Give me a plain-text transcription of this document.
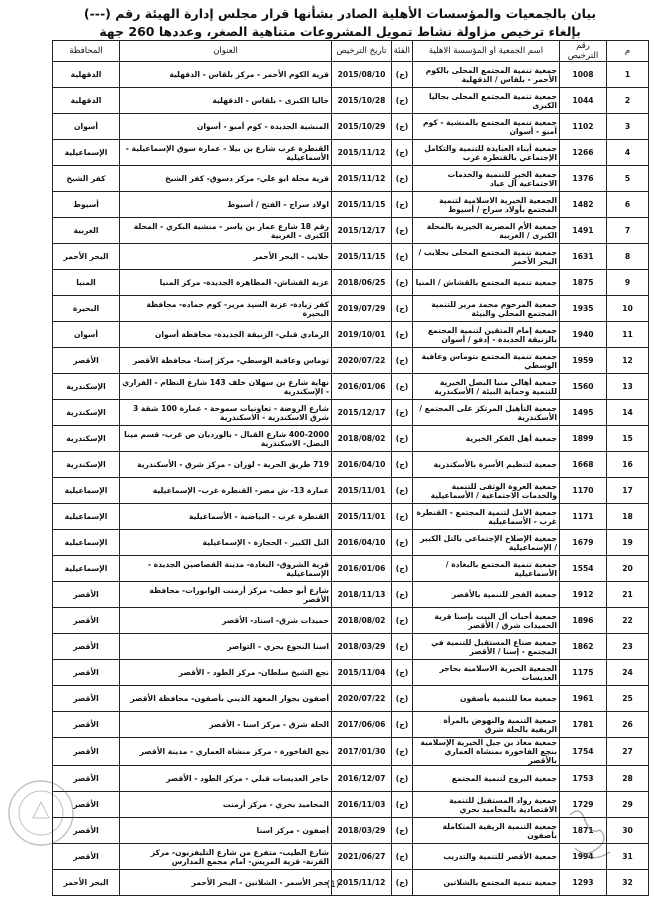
بيان بالجمعيات والمؤسسات الأهلية الصادر بشأنها قرار مجلس إدارة الهيئة رقم (---)
بإلغاء ترخيص مزاولة نشاط تمويل المشروعات متناهية الصغر، وعددها 260 جهة
م	رقم الترخيص	اسم الجمعية او المؤسسة الاهلية	الفئة	تاريخ الترخيص	العنوان	المحافظة
1	1008	جمعية تنمية المجتمع المحلى بالكوم الأحمر - بلقاس / الدقهلية	(ج)	2015/08/10	قرية الكوم الأحمر - مركز بلقاس - الدقهلية	الدقهلية
2	1044	جمعية تنمية المجتمع المحلى بجاليا الكبرى	(ج)	2015/10/28	جاليا الكبرى - بلقاس - الدقهلية	الدقهلية
3	1102	جمعية تنمية المجتمع بالمنشية - كوم أمبو - أسوان	(ج)	2015/10/29	المنشية الجديدة - كوم أمبو - أسوان	أسوان
4	1266	جمعية أبناء العبايدة للتنمية والتكامل الإجتماعي بالقنطرة غرب	(ج)	2015/11/12	القنطرة غرب شارع بن بيلا - عمارة سوق الإسماعيلية - الأسماعيلية	الإسماعيلية
5	1376	جمعية الخير للتنمية والخدمات الاجتماعية آل عياد	(ج)	2015/11/12	قرية محلة ابو علي- مركز دسوق- كفر الشيخ	كفر الشيخ
6	1482	الجمعية الخيرية الاسلامية لتنمية المجتمع بأولاد سراج / أسيوط	(ج)	2015/11/15	اولاد سراج - الفتح / أسيوط	أسيوط
7	1491	جمعية الأم المصرية الخيرية بالمحلة الكبرى / الغربية	(ج)	2015/12/17	رقم 18 شارع عمار بن ياسر - منشية البكري - المحلة الكبرى - الغربية	الغربية
8	1631	جمعية تنمية المجتمع المحلى بحلايب / البحر الأحمر	(ج)	2015/11/15	حلايب - البحر الأحمر	البحر الأحمر
9	1875	جمعية تنمية المجتمع بالقشاش / المنيا	(ج)	2018/06/25	عزبة القشاش- المطاهرة الجديدة- مركز المنيا	المنيا
10	1935	جمعية المرحوم محمد مرير للتنمية المجتمع المحلي والبيئة	(ج)	2019/07/29	كفر زيادة- عزبة السيد مرير- كوم حماده- محافظة البحيرة	البحيرة
11	1940	جمعية إمام المتقين لتنمية المجتمع بالزنيقة الجديدة - إدفو / أسوان	(ج)	2019/10/01	الرمادي قبلي- الزنيقة الجديدة- محافظة أسوان	أسوان
12	1959	جمعية تنمية المجتمع بتوماس وعافية الوسطي	(ج)	2020/07/22	توماس وعافية الوسطي- مركز إسنا- محافظة الأقصر	الأقصر
13	1560	جمعية أهالي منيا البصل الخيرية للتنمية وحماية البيئة / الأسكندرية	(ج)	2016/01/06	نهاية شارع بن سهلان خلف 143 شارع النظام - الفراري - الإسكندرية	الإسكندرية
14	1495	جمعية التأهيل المرتكز على المجتمع / الأسكندرية	(ج)	2015/12/17	شارع الروضة - تعاونيات سموحة - عمارة 100 شقة 3 شرق الاسكندرية - الاسكندرية	الإسكندرية
15	1899	جمعية أهل الفكر الخيرية	(ج)	2018/08/02	400-2000 شارع القبال - بالورديان ص غرب- قسم مينا البصل- الاسكندرية	الإسكندرية
16	1668	جمعية لتنظيم الأسرة بالأسكندرية	(ج)	2016/04/10	719 طريق الحرية - لوران - مركز شرق - الأسكندرية	الإسكندرية
17	1170	جمعية العروة الوثقى للتنمية والخدمات الاجتماعية / الأسماعيلية	(ج)	2015/11/01	عمارة 13- ش مصر- القنطرة غرب- الإسماعيلية	الإسماعيلية
18	1171	جمعية الامل لتنمية المجتمع - القنطرة غرب - الأسماعيلية	(ج)	2015/11/01	القنطرة غرب - البياضية - الأسماعيلية	الإسماعيلية
19	1679	جمعية الإصلاح الإجتماعي بالتل الكبير / الإسماعيلية	(ج)	2016/04/10	التل الكبير - الحجازة - الإسماعيلية	الإسماعيلية
20	1554	جمعية تنمية المجتمع بالبغادة / الأسماعيلية	(ج)	2016/01/06	قرية الشروق- البغادة- مدينة القصاصين الجديدة - الإسماعيلية	الإسماعيلية
21	1912	جمعية الفجر للتنمية بالأقصر	(ج)	2018/11/13	شارع أبو حطب- مركز أرمنت الوابورات- محافظة الأقصر	الأقصر
22	1896	جمعية أحباب آل البيت بإسنا قرية الحميدات شرق / الأقصر	(ج)	2018/08/02	حميدات شرق- اسناد- الأقصر	الأقصر
23	1862	جمعية صناع المستقبل للتنمية في المجتمع - إسنا / الأقصر	(ج)	2018/03/29	اسنا النجوع بحري - التواصر	الأقصر
24	1175	الجمعية الخيرية الاسلامية بحاجر العديسات	(ج)	2015/11/04	نجع الشيخ سلطان- مركز الطود - الأقصر	الأقصر
25	1961	جمعية معا للتنمية بأصفون	(ج)	2020/07/22	أصفون بجوار المعهد الديني بأصفون- محافظة الأقصر	الأقصر
26	1781	جمعية التنمية والنهوض بالمرأة الريفية بالحلة شرق	(ج)	2017/06/06	الحلة شرق - مركز اسنا - الأقصر	الأقصر
27	1754	جمعية معاذ بن جبل الخيرية الإسلامية بنجع الفاخورة بمنشاة العماري بالأقصر	(ج)	2017/01/30	نجع الفاخورة - مركز منشاة العماري - مدينة الأقصر	الأقصر
28	1753	جمعية البروج لتنمية المجتمع	(ج)	2016/12/07	حاجر العديسات قبلي - مركز الطود - الأقصر	الأقصر
29	1729	جمعية رواد المستقبل للتنمية الاقتصادية بالمحاميد بحري	(ج)	2016/11/03	المحاميد بحري - مركز أرمنت	الأقصر
30	1871	جمعية التنمية الريفية المتكاملة بأصفون	(ج)	2018/03/29	أصفون - مركز اسنا	الأقصر
31	1994	جمعية الأقصر للتنمية والتدريب	(ج)	2021/06/27	شارع الطيب- متفرع من شارع التليفزيون- مركز القرنة- قرية المريس- امام مجمع المدارس	الأقصر
32	1293	جمعية تنمية المجتمع بالشلاتين	(ج)	2015/11/12	حجر الأسمر - الشلاتين - البحر الأحمر	البحر الأحمر	(1)
